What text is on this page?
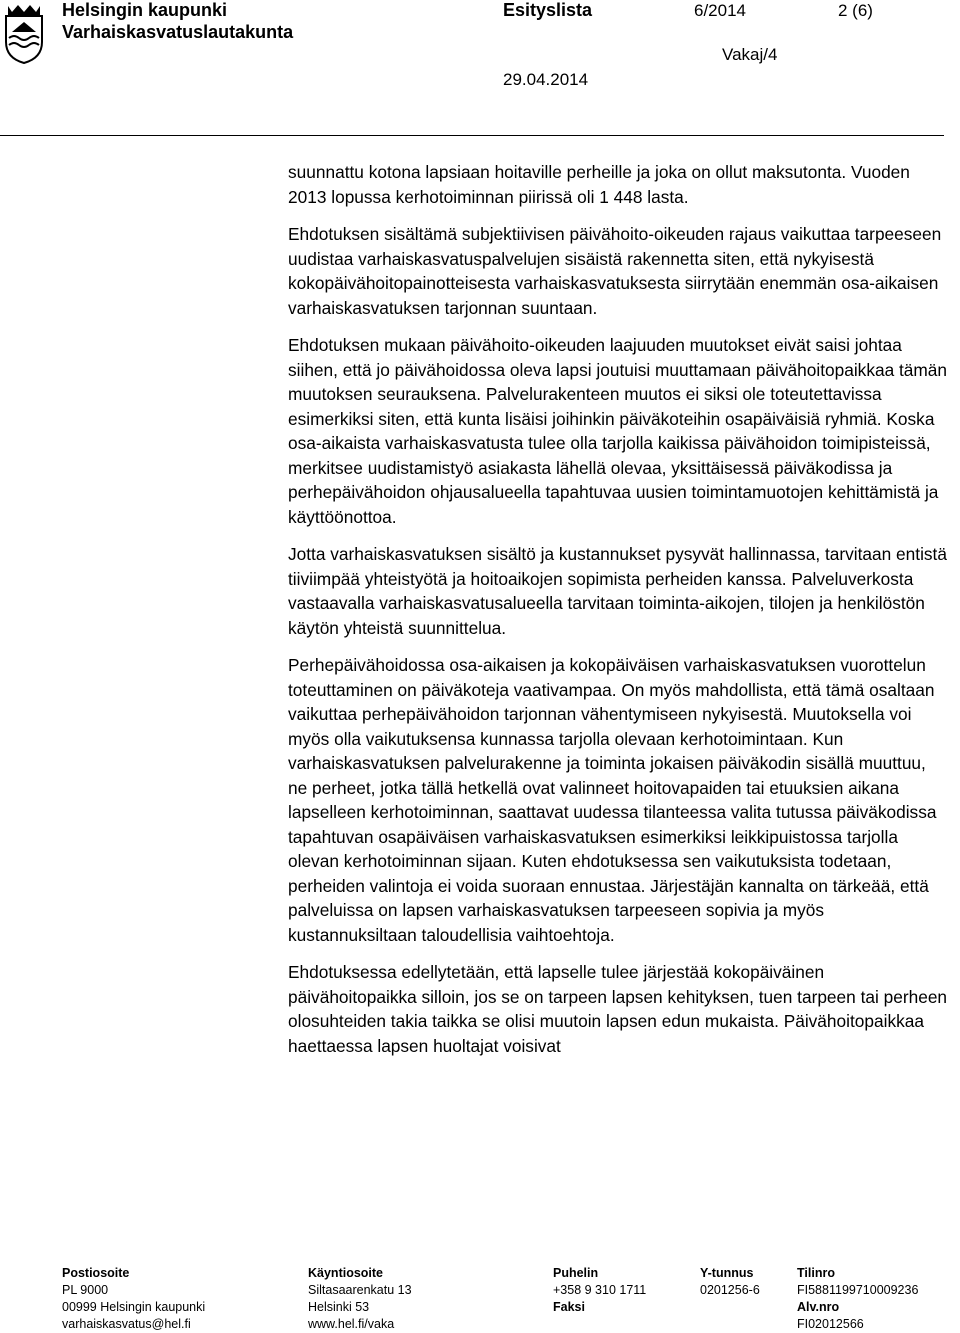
Helsingin kaupunki
Varhaiskasvatuslautakunta
Esityslista	6/2014	2 (6)
Vakaj/4
29.04.2014

suunnattu kotona lapsiaan hoitaville perheille ja joka on ollut maksutonta. Vuoden 2013 lopussa kerhotoiminnan piirissä oli 1 448 lasta.

Ehdotuksen sisältämä subjektiivisen päivähoito-oikeuden rajaus vaikuttaa tarpeeseen uudistaa varhaiskasvatuspalvelujen sisäistä rakennetta siten, että nykyisestä kokopäivähoitopainotteisesta varhaiskasvatuksesta siirrytään enemmän osa-aikaisen varhaiskasvatuksen tarjonnan suuntaan.

Ehdotuksen mukaan päivähoito-oikeuden laajuuden muutokset eivät saisi johtaa siihen, että jo päivähoidossa oleva lapsi joutuisi muuttamaan päivähoitopaikkaa tämän muutoksen seurauksena. Palvelurakenteen muutos ei siksi ole toteutettavissa esimerkiksi siten, että kunta lisäisi joihinkin päiväkoteihin osapäiväisiä ryhmiä. Koska osa-aikaista varhaiskasvatusta tulee olla tarjolla kaikissa päivähoidon toimipisteissä, merkitsee uudistamistyö asiakasta lähellä olevaa, yksittäisessä päiväkodissa ja perhepäivähoidon ohjausalueella tapahtuvaa uusien toimintamuotojen kehittämistä ja käyttöönottoa.

Jotta varhaiskasvatuksen sisältö ja kustannukset pysyvät hallinnassa, tarvitaan entistä tiiviimpää yhteistyötä ja hoitoaikojen sopimista perheiden kanssa. Palveluverkosta vastaavalla varhaiskasvatusalueella tarvitaan toiminta-aikojen, tilojen ja henkilöstön käytön yhteistä suunnittelua.

Perhepäivähoidossa osa-aikaisen ja kokopäiväisen varhaiskasvatuksen vuorottelun toteuttaminen on päiväkoteja vaativampaa. On myös mahdollista, että tämä osaltaan vaikuttaa perhepäivähoidon tarjonnan vähentymiseen nykyisestä. Muutoksella voi myös olla vaikutuksensa kunnassa tarjolla olevaan kerhotoimintaan. Kun varhaiskasvatuksen palvelurakenne ja toiminta jokaisen päiväkodin sisällä muuttuu, ne perheet, jotka tällä hetkellä ovat valinneet hoitovapaiden tai etuuksien aikana lapselleen kerhotoiminnan, saattavat uudessa tilanteessa valita tutussa päiväkodissa tapahtuvan osapäiväisen varhaiskasvatuksen esimerkiksi leikkipuistossa tarjolla olevan kerhotoiminnan sijaan. Kuten ehdotuksessa sen vaikutuksista todetaan, perheiden valintoja ei voida suoraan ennustaa. Järjestäjän kannalta on tärkeää, että palveluissa on lapsen varhaiskasvatuksen tarpeeseen sopivia ja myös kustannuksiltaan taloudellisia vaihtoehtoja.

Ehdotuksessa edellytetään, että lapselle tulee järjestää kokopäiväinen päivähoitopaikka silloin, jos se on tarpeen lapsen kehityksen, tuen tarpeen tai perheen olosuhteiden takia taikka se olisi muutoin lapsen edun mukaista. Päivähoitopaikkaa haettaessa lapsen huoltajat voisivat

Postiosoite
PL 9000
00999 Helsingin kaupunki
varhaiskasvatus@hel.fi
Käyntiosoite
Siltasaarenkatu 13
Helsinki 53
www.hel.fi/vaka
Puhelin
+358 9 310 1711
Faksi
Y-tunnus
0201256-6
Tilinro
FI5881199710009236
Alv.nro
FI02012566
